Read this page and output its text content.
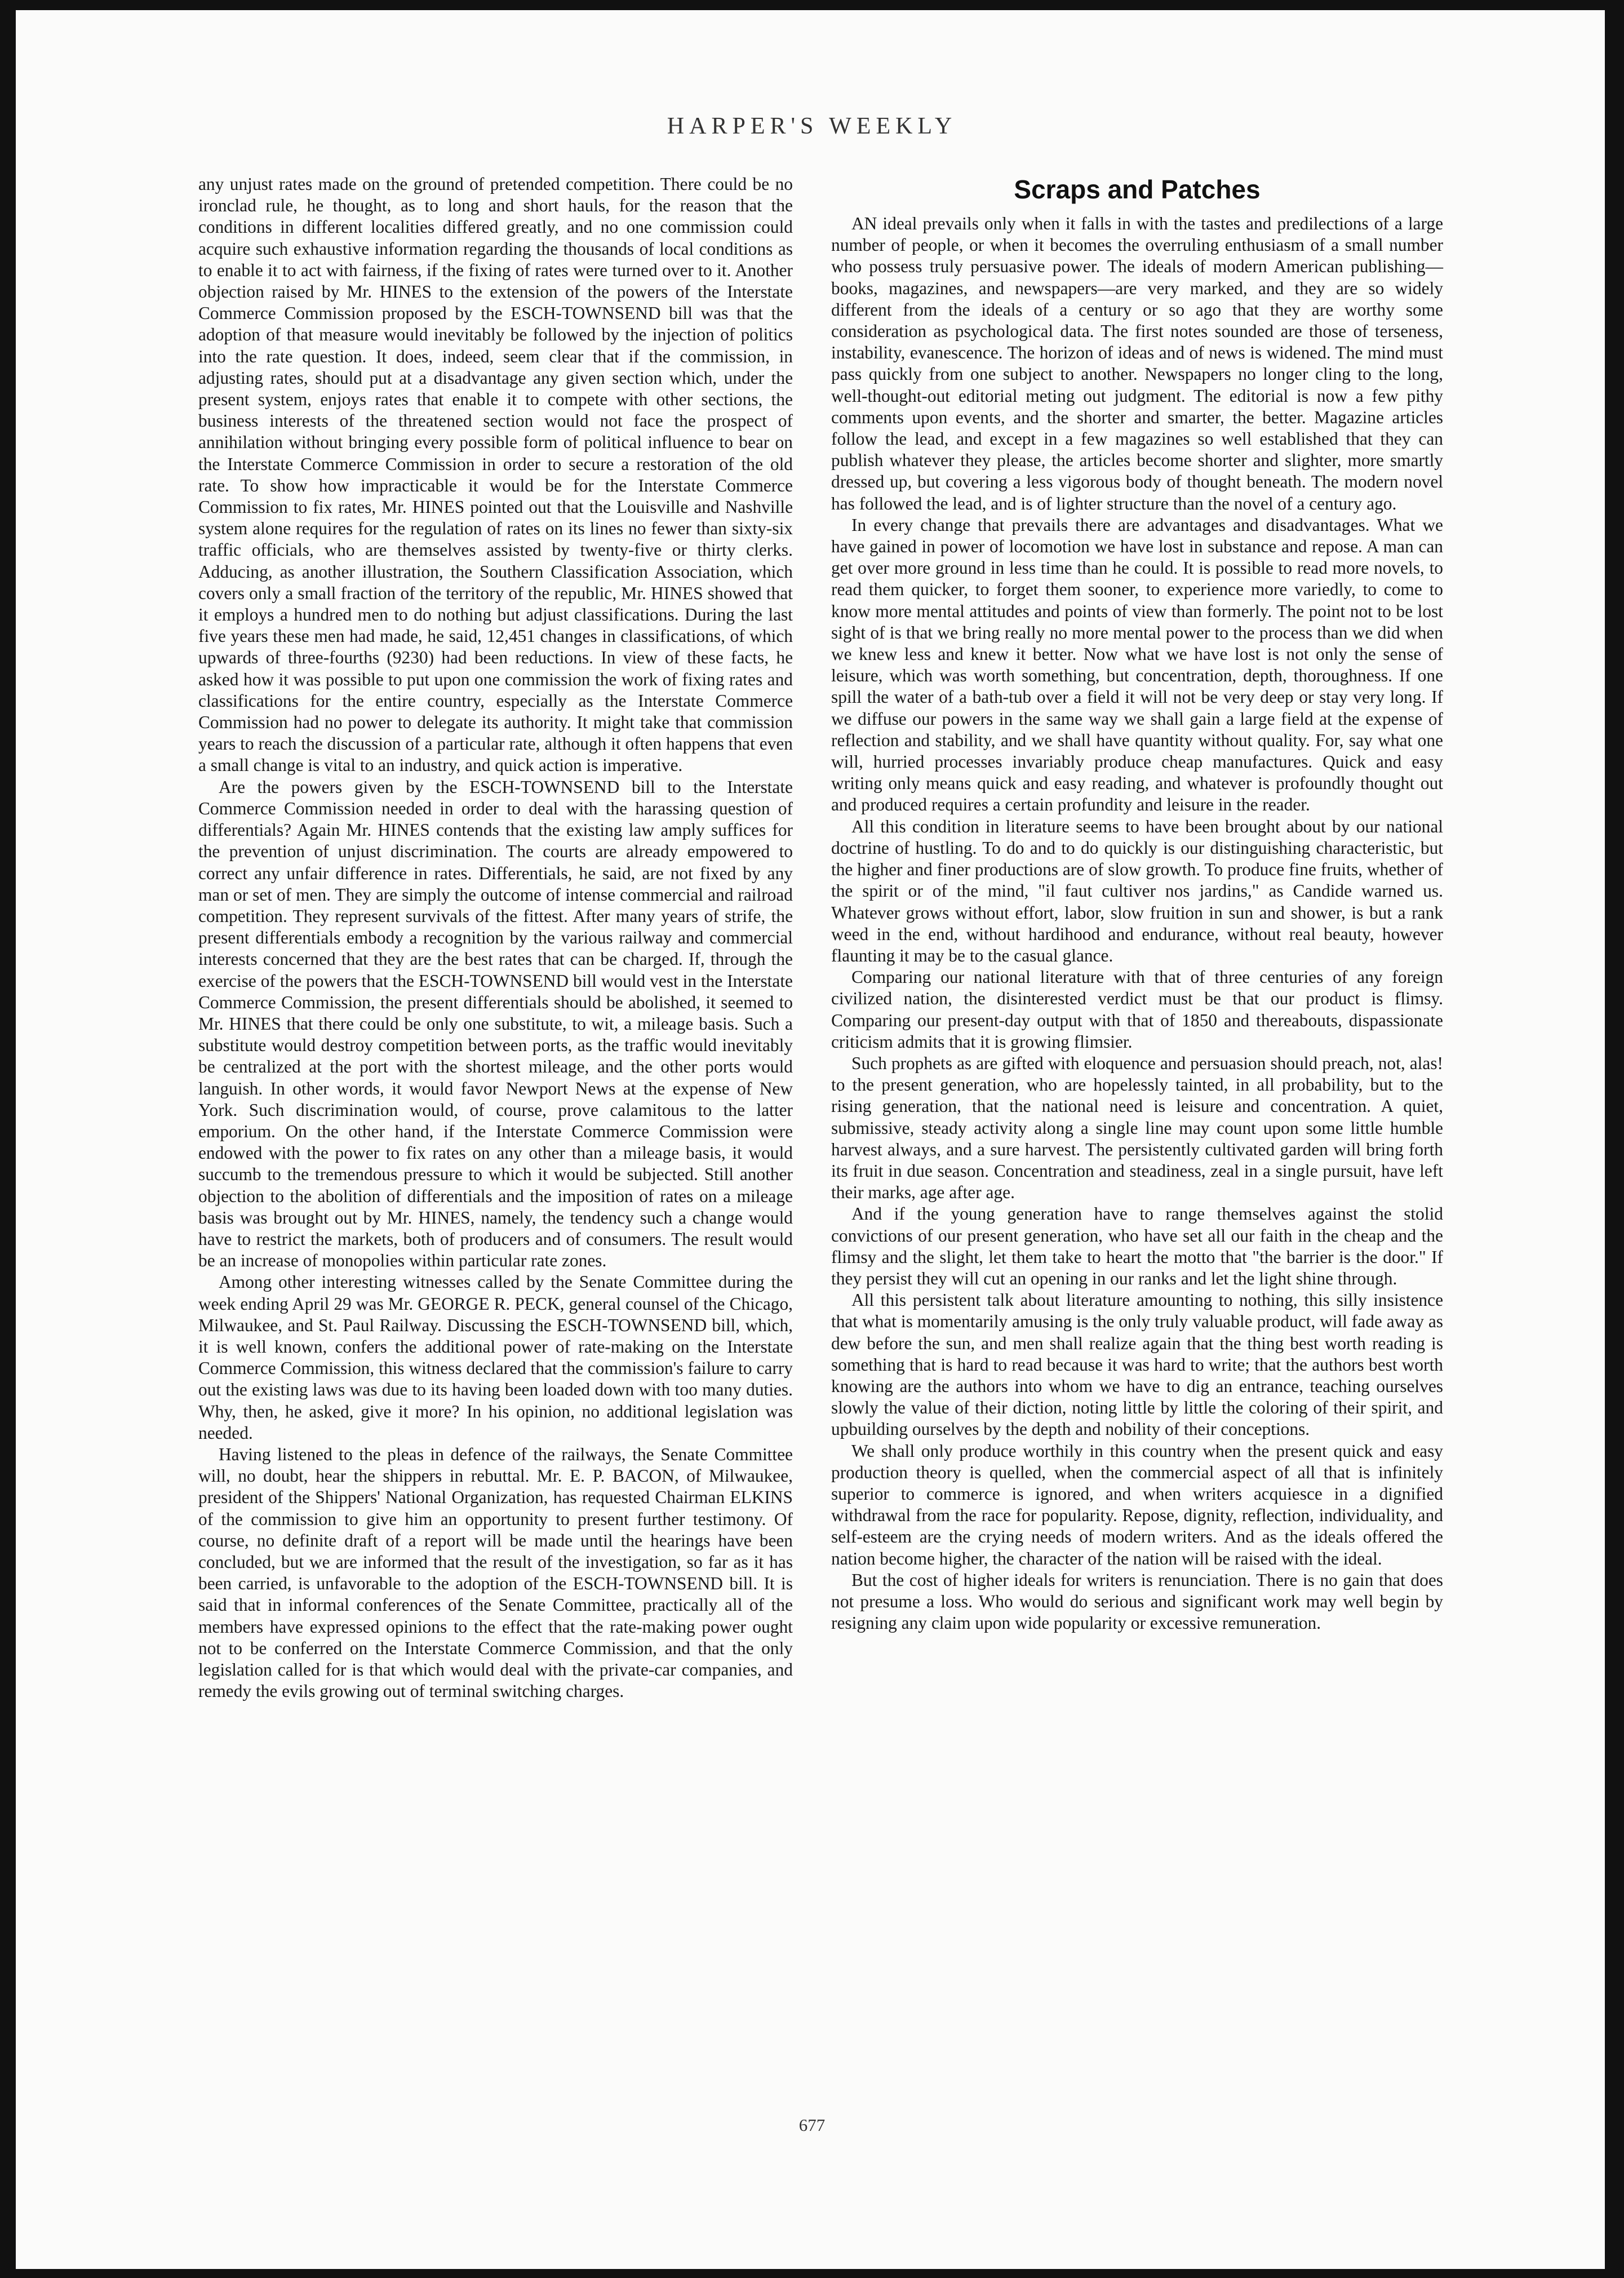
HARPER'S WEEKLY

any unjust rates made on the ground of pretended competition. There could be no ironclad rule, he thought, as to long and short hauls, for the reason that the conditions in different localities differed greatly, and no one commission could acquire such exhaustive information regarding the thousands of local conditions as to enable it to act with fairness, if the fixing of rates were turned over to it. Another objection raised by Mr. HINES to the extension of the powers of the Interstate Commerce Commission proposed by the ESCH-TOWNSEND bill was that the adoption of that measure would inevitably be followed by the injection of politics into the rate question. It does, indeed, seem clear that if the commission, in adjusting rates, should put at a disadvantage any given section which, under the present system, enjoys rates that enable it to compete with other sections, the business interests of the threatened section would not face the prospect of annihilation without bringing every possible form of political influence to bear on the Interstate Commerce Commission in order to secure a restoration of the old rate. To show how impracticable it would be for the Interstate Commerce Commission to fix rates, Mr. HINES pointed out that the Louisville and Nashville system alone requires for the regulation of rates on its lines no fewer than sixty-six traffic officials, who are themselves assisted by twenty-five or thirty clerks. Adducing, as another illustration, the Southern Classification Association, which covers only a small fraction of the territory of the republic, Mr. HINES showed that it employs a hundred men to do nothing but adjust classifications. During the last five years these men had made, he said, 12,451 changes in classifications, of which upwards of three-fourths (9230) had been reductions. In view of these facts, he asked how it was possible to put upon one commission the work of fixing rates and classifications for the entire country, especially as the Interstate Commerce Commission had no power to delegate its authority. It might take that commission years to reach the discussion of a particular rate, although it often happens that even a small change is vital to an industry, and quick action is imperative.

Are the powers given by the ESCH-TOWNSEND bill to the Interstate Commerce Commission needed in order to deal with the harassing question of differentials? Again Mr. HINES contends that the existing law amply suffices for the prevention of unjust discrimination. The courts are already empowered to correct any unfair difference in rates. Differentials, he said, are not fixed by any man or set of men. They are simply the outcome of intense commercial and railroad competition. They represent survivals of the fittest. After many years of strife, the present differentials embody a recognition by the various railway and commercial interests concerned that they are the best rates that can be charged. If, through the exercise of the powers that the ESCH-TOWNSEND bill would vest in the Interstate Commerce Commission, the present differentials should be abolished, it seemed to Mr. HINES that there could be only one substitute, to wit, a mileage basis. Such a substitute would destroy competition between ports, as the traffic would inevitably be centralized at the port with the shortest mileage, and the other ports would languish. In other words, it would favor Newport News at the expense of New York. Such discrimination would, of course, prove calamitous to the latter emporium. On the other hand, if the Interstate Commerce Commission were endowed with the power to fix rates on any other than a mileage basis, it would succumb to the tremendous pressure to which it would be subjected. Still another objection to the abolition of differentials and the imposition of rates on a mileage basis was brought out by Mr. HINES, namely, the tendency such a change would have to restrict the markets, both of producers and of consumers. The result would be an increase of monopolies within particular rate zones.

Among other interesting witnesses called by the Senate Committee during the week ending April 29 was Mr. GEORGE R. PECK, general counsel of the Chicago, Milwaukee, and St. Paul Railway. Discussing the ESCH-TOWNSEND bill, which, it is well known, confers the additional power of rate-making on the Interstate Commerce Commission, this witness declared that the commission's failure to carry out the existing laws was due to its having been loaded down with too many duties. Why, then, he asked, give it more? In his opinion, no additional legislation was needed.

Having listened to the pleas in defence of the railways, the Senate Committee will, no doubt, hear the shippers in rebuttal. Mr. E. P. BACON, of Milwaukee, president of the Shippers' National Organization, has requested Chairman ELKINS of the commission to give him an opportunity to present further testimony. Of course, no definite draft of a report will be made until the hearings have been concluded, but we are informed that the result of the investigation, so far as it has been carried, is unfavorable to the adoption of the ESCH-TOWNSEND bill. It is said that in informal conferences of the Senate Committee, practically all of the members have expressed opinions to the effect that the rate-making power ought not to be conferred on the Interstate Commerce Commission, and that the only legislation called for is that which would deal with the private-car companies, and remedy the evils growing out of terminal switching charges.

Scraps and Patches

AN ideal prevails only when it falls in with the tastes and predilections of a large number of people, or when it becomes the overruling enthusiasm of a small number who possess truly persuasive power. The ideals of modern American publishing—books, magazines, and newspapers—are very marked, and they are so widely different from the ideals of a century or so ago that they are worthy some consideration as psychological data. The first notes sounded are those of terseness, instability, evanescence. The horizon of ideas and of news is widened. The mind must pass quickly from one subject to another. Newspapers no longer cling to the long, well-thought-out editorial meting out judgment. The editorial is now a few pithy comments upon events, and the shorter and smarter, the better. Magazine articles follow the lead, and except in a few magazines so well established that they can publish whatever they please, the articles become shorter and slighter, more smartly dressed up, but covering a less vigorous body of thought beneath. The modern novel has followed the lead, and is of lighter structure than the novel of a century ago.

In every change that prevails there are advantages and disadvantages. What we have gained in power of locomotion we have lost in substance and repose. A man can get over more ground in less time than he could. It is possible to read more novels, to read them quicker, to forget them sooner, to experience more variedly, to come to know more mental attitudes and points of view than formerly. The point not to be lost sight of is that we bring really no more mental power to the process than we did when we knew less and knew it better. Now what we have lost is not only the sense of leisure, which was worth something, but concentration, depth, thoroughness. If one spill the water of a bath-tub over a field it will not be very deep or stay very long. If we diffuse our powers in the same way we shall gain a large field at the expense of reflection and stability, and we shall have quantity without quality. For, say what one will, hurried processes invariably produce cheap manufactures. Quick and easy writing only means quick and easy reading, and whatever is profoundly thought out and produced requires a certain profundity and leisure in the reader.

All this condition in literature seems to have been brought about by our national doctrine of hustling. To do and to do quickly is our distinguishing characteristic, but the higher and finer productions are of slow growth. To produce fine fruits, whether of the spirit or of the mind, "il faut cultiver nos jardins," as Candide warned us. Whatever grows without effort, labor, slow fruition in sun and shower, is but a rank weed in the end, without hardihood and endurance, without real beauty, however flaunting it may be to the casual glance.

Comparing our national literature with that of three centuries of any foreign civilized nation, the disinterested verdict must be that our product is flimsy. Comparing our present-day output with that of 1850 and thereabouts, dispassionate criticism admits that it is growing flimsier.

Such prophets as are gifted with eloquence and persuasion should preach, not, alas! to the present generation, who are hopelessly tainted, in all probability, but to the rising generation, that the national need is leisure and concentration. A quiet, submissive, steady activity along a single line may count upon some little humble harvest always, and a sure harvest. The persistently cultivated garden will bring forth its fruit in due season. Concentration and steadiness, zeal in a single pursuit, have left their marks, age after age.

And if the young generation have to range themselves against the stolid convictions of our present generation, who have set all our faith in the cheap and the flimsy and the slight, let them take to heart the motto that "the barrier is the door." If they persist they will cut an opening in our ranks and let the light shine through.

All this persistent talk about literature amounting to nothing, this silly insistence that what is momentarily amusing is the only truly valuable product, will fade away as dew before the sun, and men shall realize again that the thing best worth reading is something that is hard to read because it was hard to write; that the authors best worth knowing are the authors into whom we have to dig an entrance, teaching ourselves slowly the value of their diction, noting little by little the coloring of their spirit, and upbuilding ourselves by the depth and nobility of their conceptions.

We shall only produce worthily in this country when the present quick and easy production theory is quelled, when the commercial aspect of all that is infinitely superior to commerce is ignored, and when writers acquiesce in a dignified withdrawal from the race for popularity. Repose, dignity, reflection, individuality, and self-esteem are the crying needs of modern writers. And as the ideals offered the nation become higher, the character of the nation will be raised with the ideal.

But the cost of higher ideals for writers is renunciation. There is no gain that does not presume a loss. Who would do serious and significant work may well begin by resigning any claim upon wide popularity or excessive remuneration.

677
